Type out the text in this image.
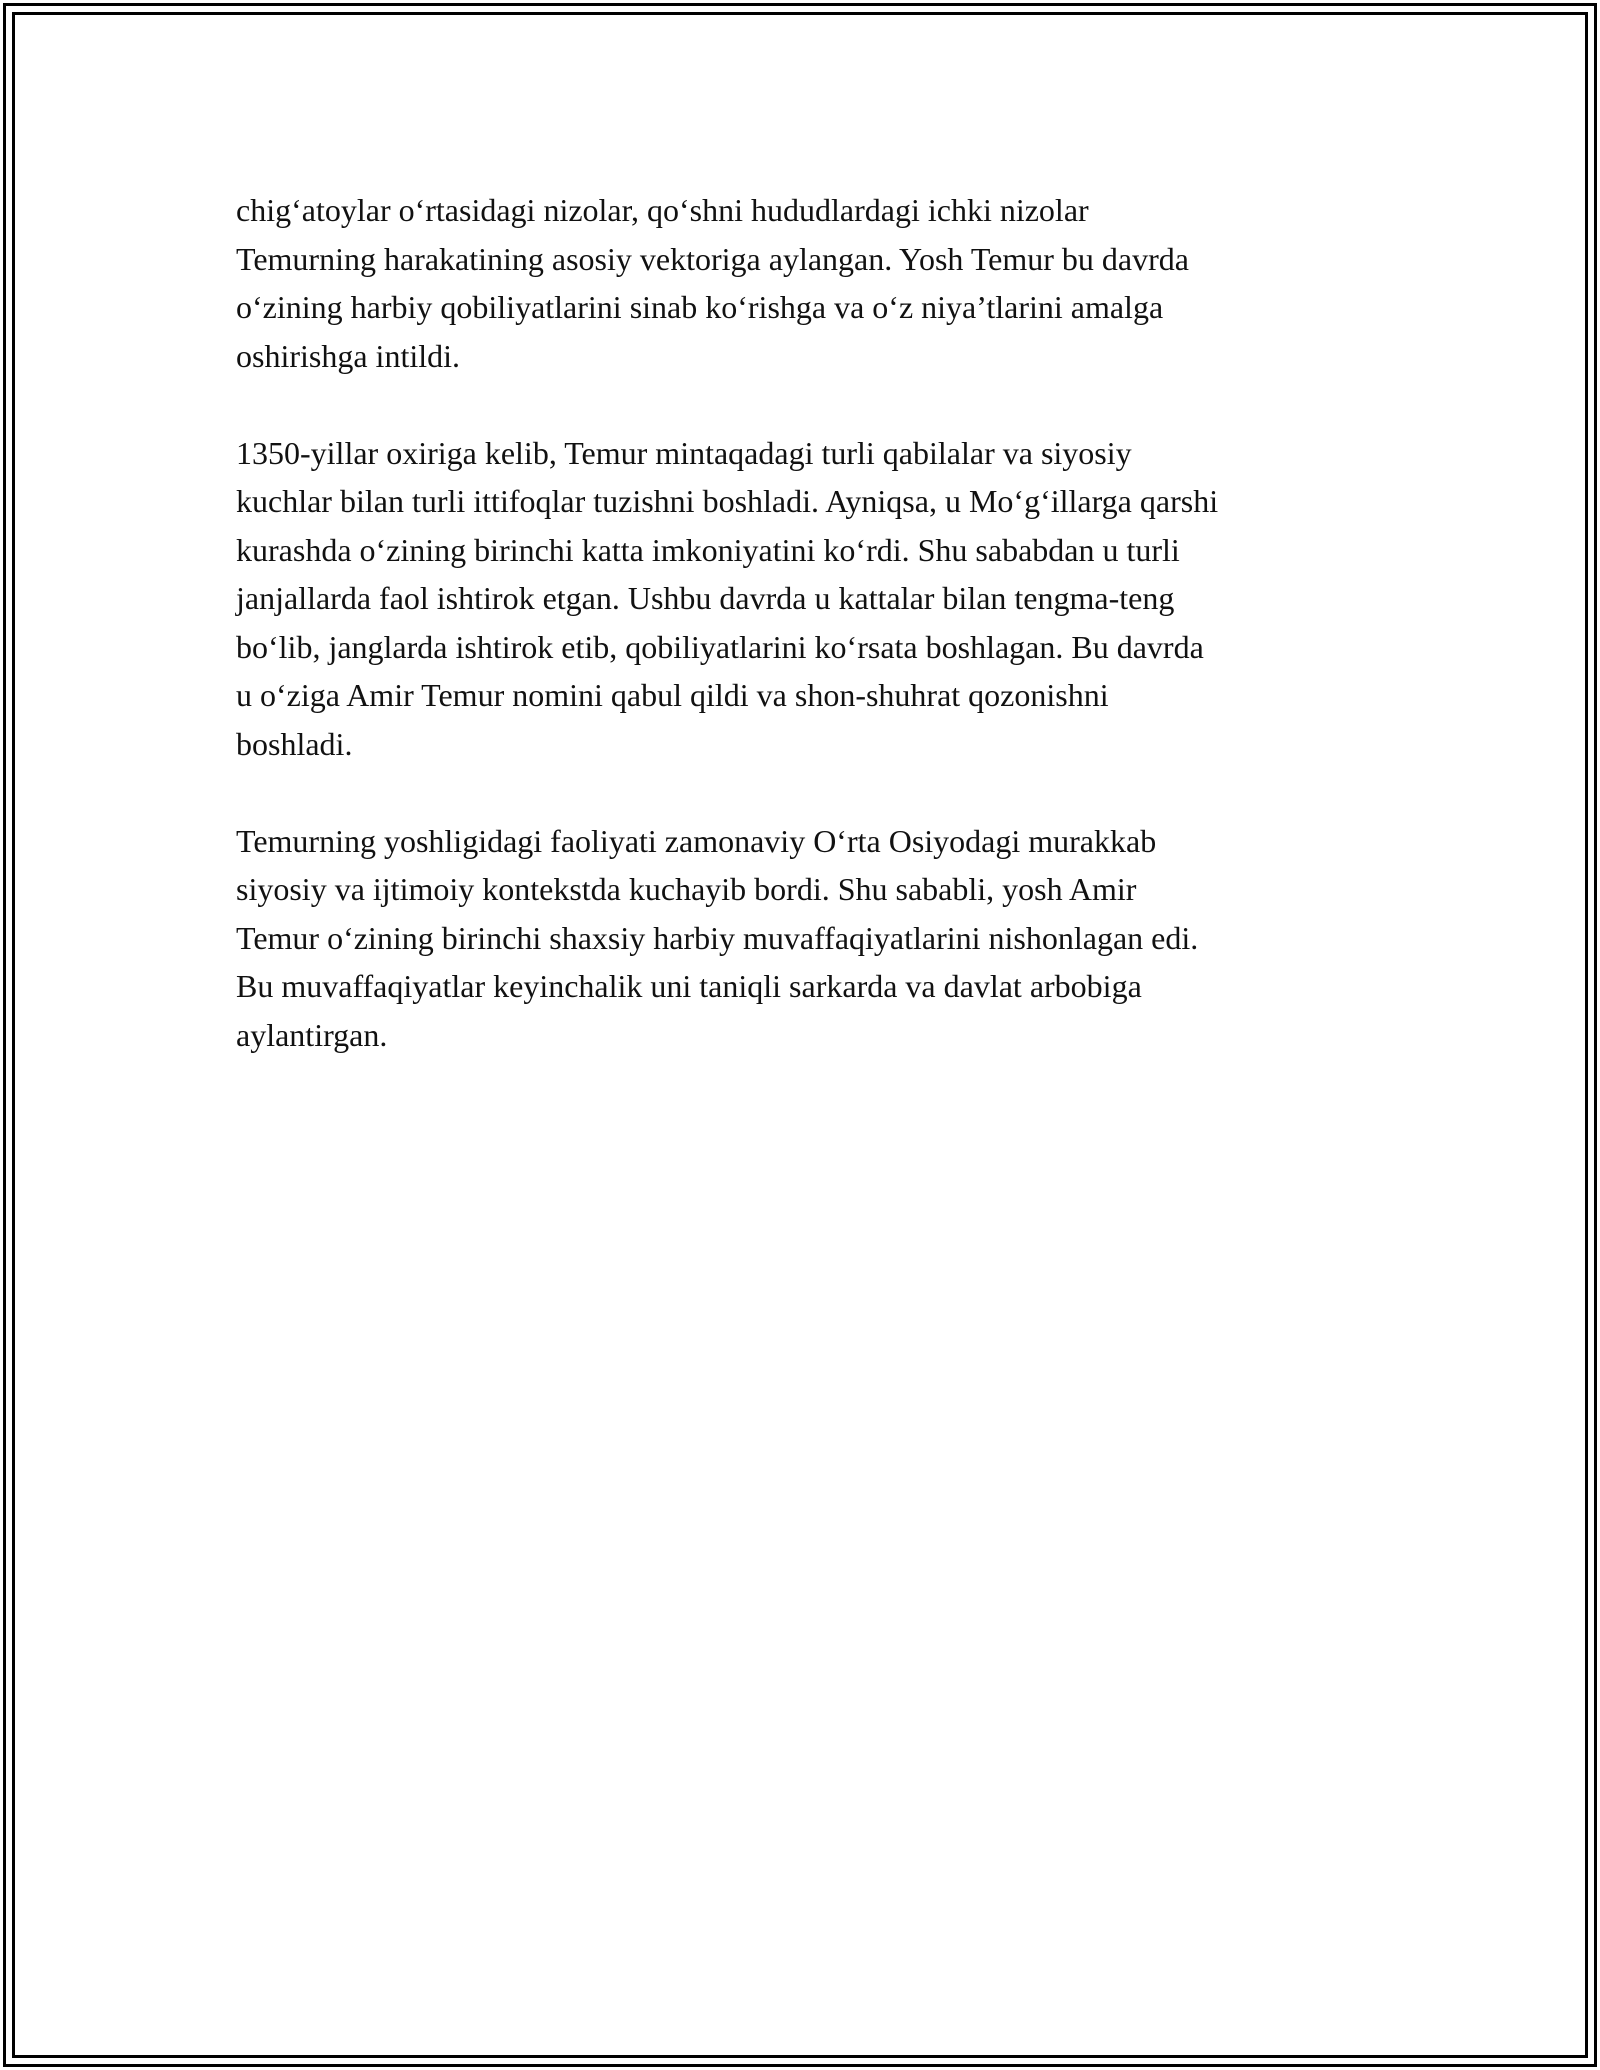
chig‘atoylar o‘rtasidagi nizolar, qo‘shni hududlardagi ichki nizolar
Temurning harakatining asosiy vektoriga aylangan. Yosh Temur bu davrda
o‘zining harbiy qobiliyatlarini sinab ko‘rishga va o‘z niya’tlarini amalga
oshirishga intildi.

1350-yillar oxiriga kelib, Temur mintaqadagi turli qabilalar va siyosiy
kuchlar bilan turli ittifoqlar tuzishni boshladi. Ayniqsa, u Mo‘g‘illarga qarshi
kurashda o‘zining birinchi katta imkoniyatini ko‘rdi. Shu sababdan u turli
janjallarda faol ishtirok etgan. Ushbu davrda u kattalar bilan tengma-teng
bo‘lib, janglarda ishtirok etib, qobiliyatlarini ko‘rsata boshlagan. Bu davrda
u o‘ziga Amir Temur nomini qabul qildi va shon-shuhrat qozonishni
boshladi.

Temurning yoshligidagi faoliyati zamonaviy O‘rta Osiyodagi murakkab
siyosiy va ijtimoiy kontekstda kuchayib bordi. Shu sababli, yosh Amir
Temur o‘zining birinchi shaxsiy harbiy muvaffaqiyatlarini nishonlagan edi.
Bu muvaffaqiyatlar keyinchalik uni taniqli sarkarda va davlat arbobiga
aylantirgan.
